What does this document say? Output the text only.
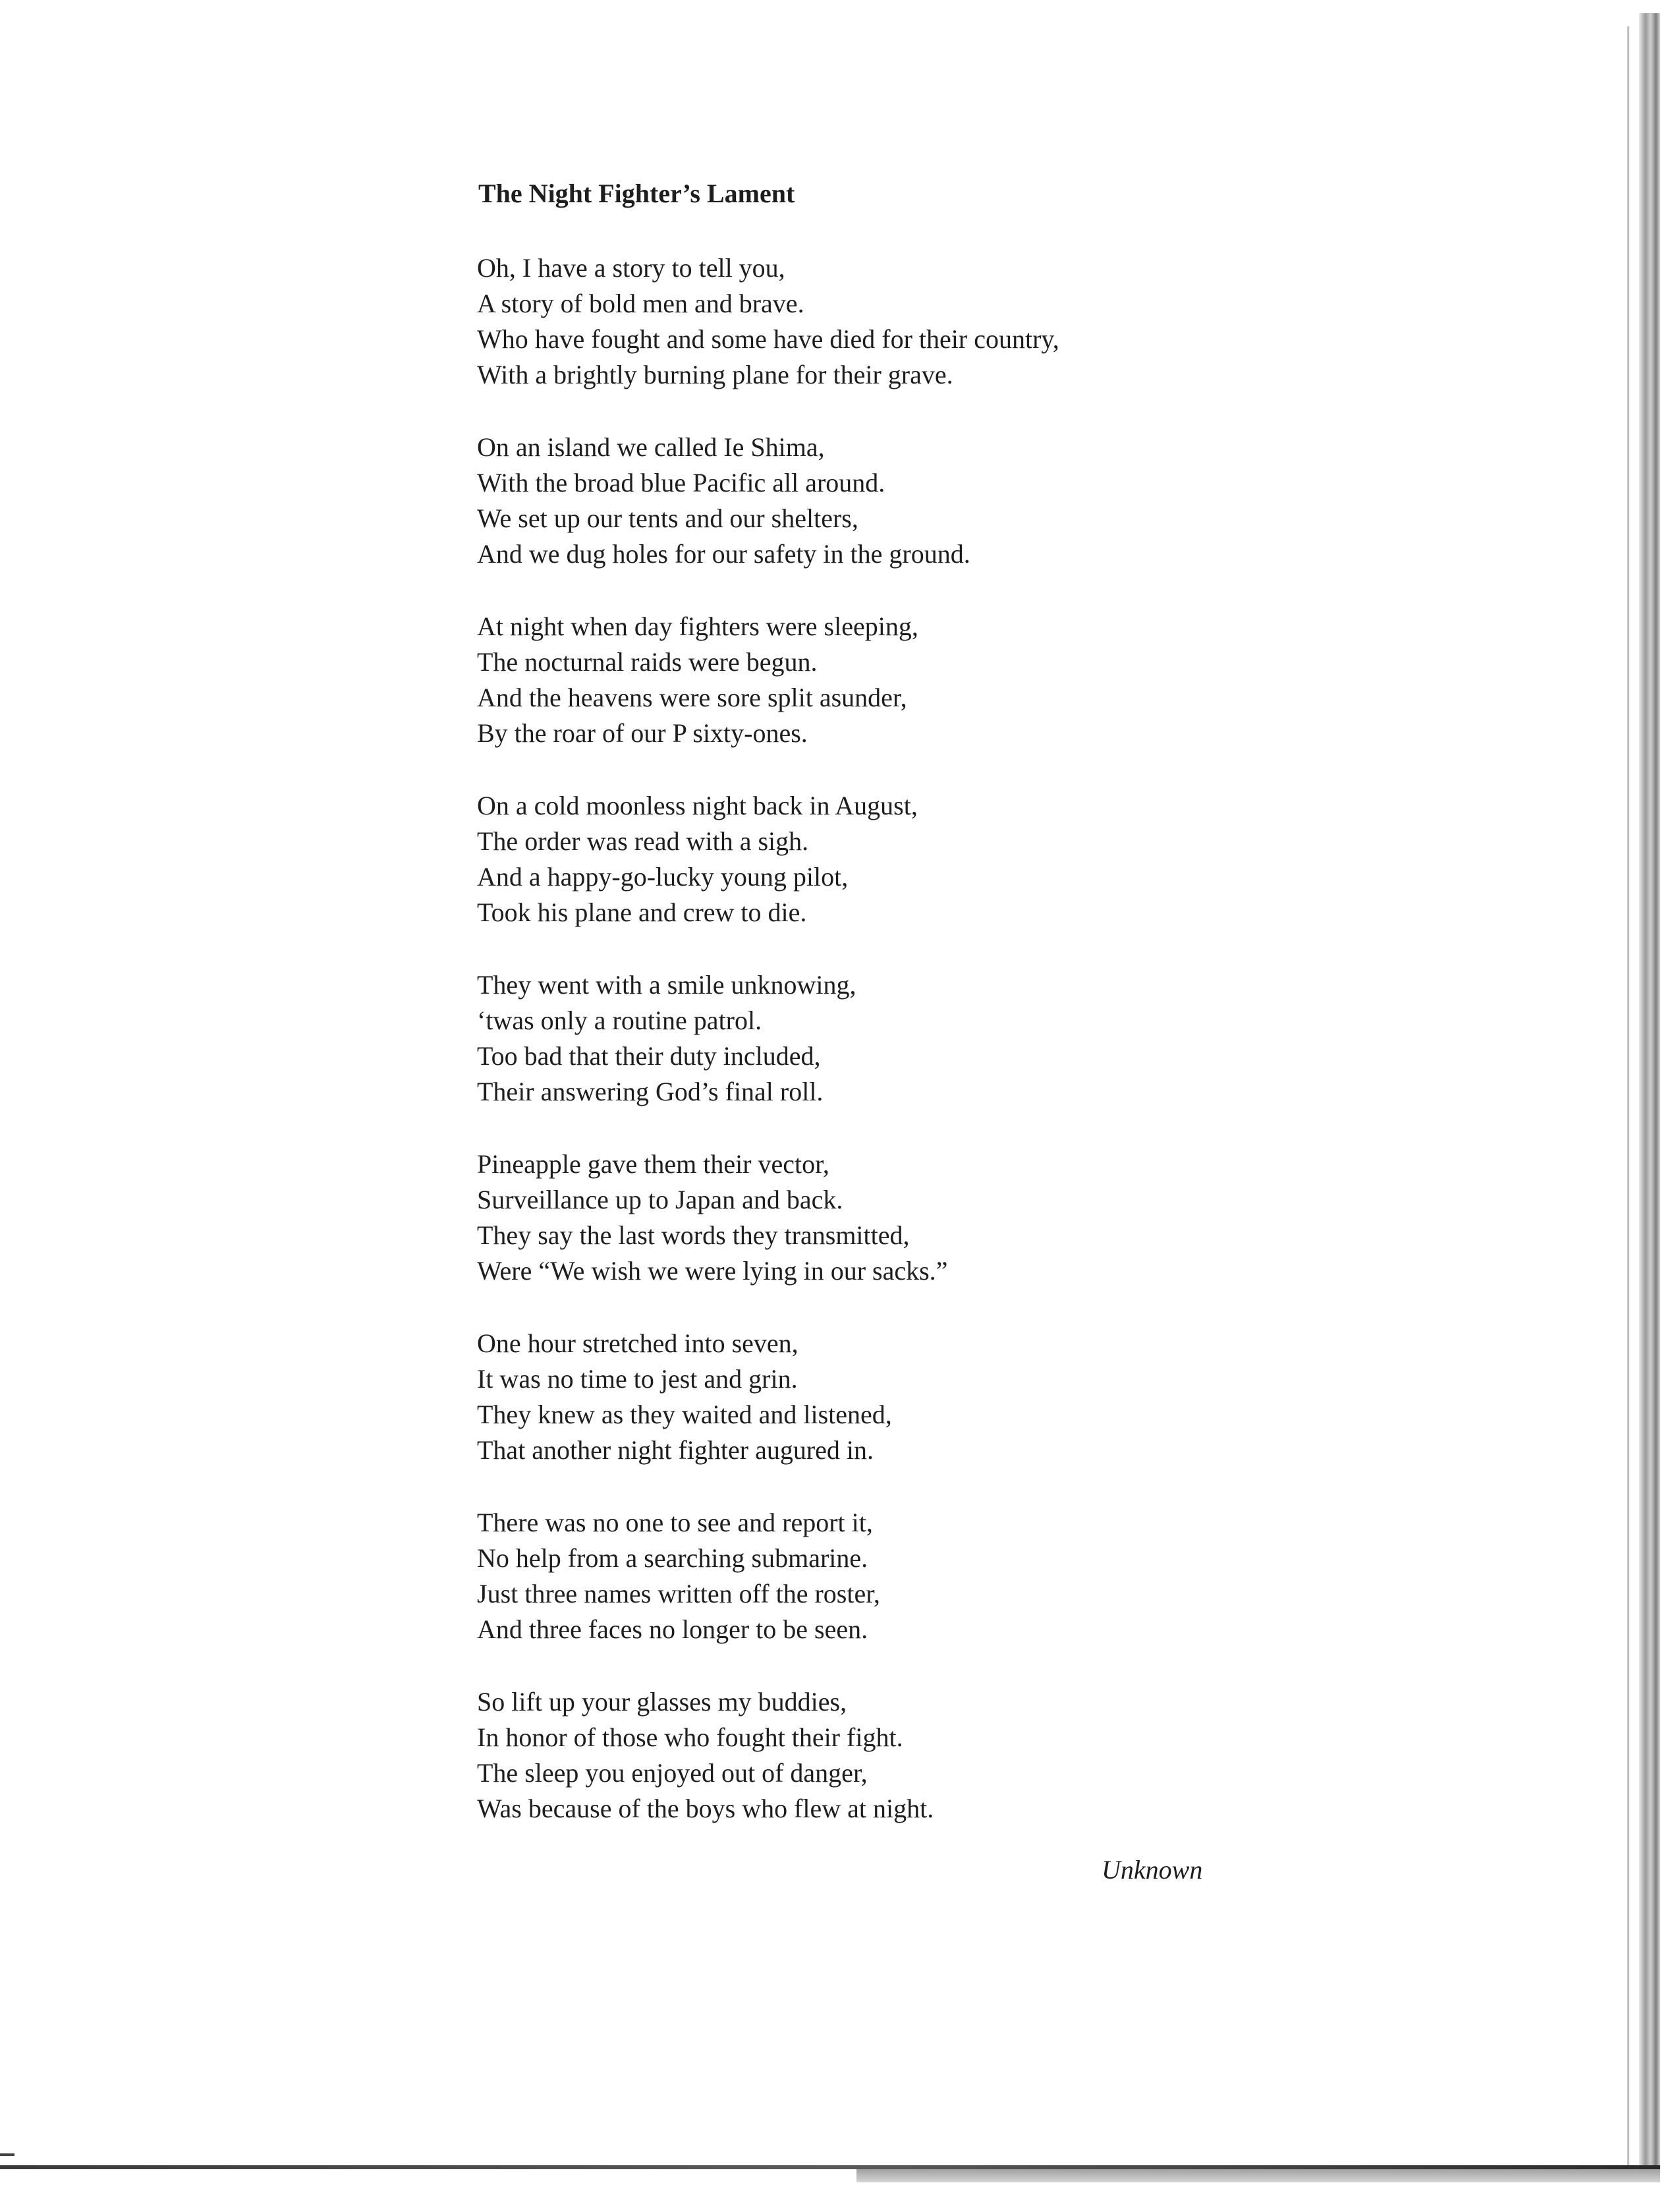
The Night Fighter’s Lament
Oh, I have a story to tell you,
A story of bold men and brave.
Who have fought and some have died for their country,
With a brightly burning plane for their grave.
On an island we called Ie Shima,
With the broad blue Pacific all around.
We set up our tents and our shelters,
And we dug holes for our safety in the ground.
At night when day fighters were sleeping,
The nocturnal raids were begun.
And the heavens were sore split asunder,
By the roar of our P sixty-ones.
On a cold moonless night back in August,
The order was read with a sigh.
And a happy-go-lucky young pilot,
Took his plane and crew to die.
They went with a smile unknowing,
‘twas only a routine patrol.
Too bad that their duty included,
Their answering God’s final roll.
Pineapple gave them their vector,
Surveillance up to Japan and back.
They say the last words they transmitted,
Were “We wish we were lying in our sacks.”
One hour stretched into seven,
It was no time to jest and grin.
They knew as they waited and listened,
That another night fighter augured in.
There was no one to see and report it,
No help from a searching submarine.
Just three names written off the roster,
And three faces no longer to be seen.
So lift up your glasses my buddies,
In honor of those who fought their fight.
The sleep you enjoyed out of danger,
Was because of the boys who flew at night.
Unknown
